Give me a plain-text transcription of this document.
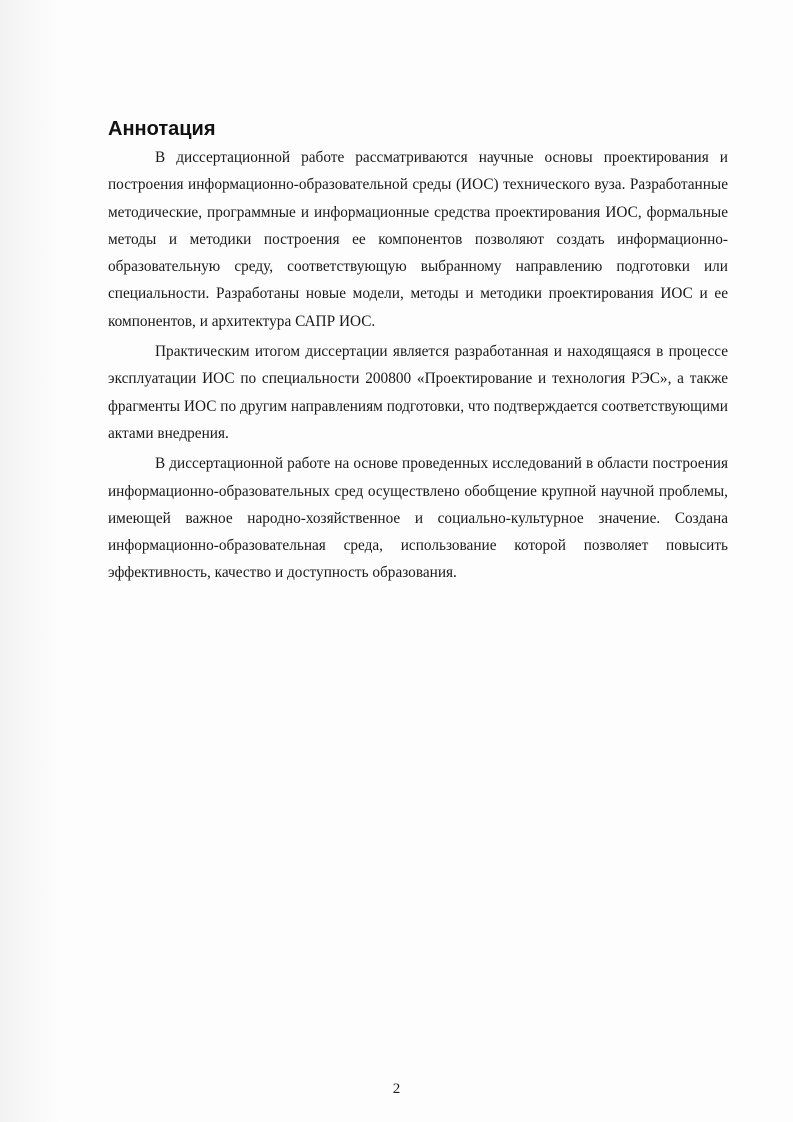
Аннотация

В диссертационной работе рассматриваются научные основы проектирования и построения информационно-образовательной среды (ИОС) технического вуза. Разработанные методические, программные и информационные средства проектирования ИОС, формальные методы и методики построения ее компонентов позволяют создать информационно-образовательную среду, соответствующую выбранному направлению подготовки или специальности. Разработаны новые модели, методы и методики проектирования ИОС и ее компонентов, и архитектура САПР ИОС.

Практическим итогом диссертации является разработанная и находящаяся в процессе эксплуатации ИОС по специальности 200800 «Проектирование и технология РЭС», а также фрагменты ИОС по другим направлениям подготовки, что подтверждается соответствующими актами внедрения.

В диссертационной работе на основе проведенных исследований в области построения информационно-образовательных сред осуществлено обобщение крупной научной проблемы, имеющей важное народно-хозяйственное и социально-культурное значение. Создана информационно-образовательная среда, использование которой позволяет повысить эффективность, качество и доступность образования.

2
